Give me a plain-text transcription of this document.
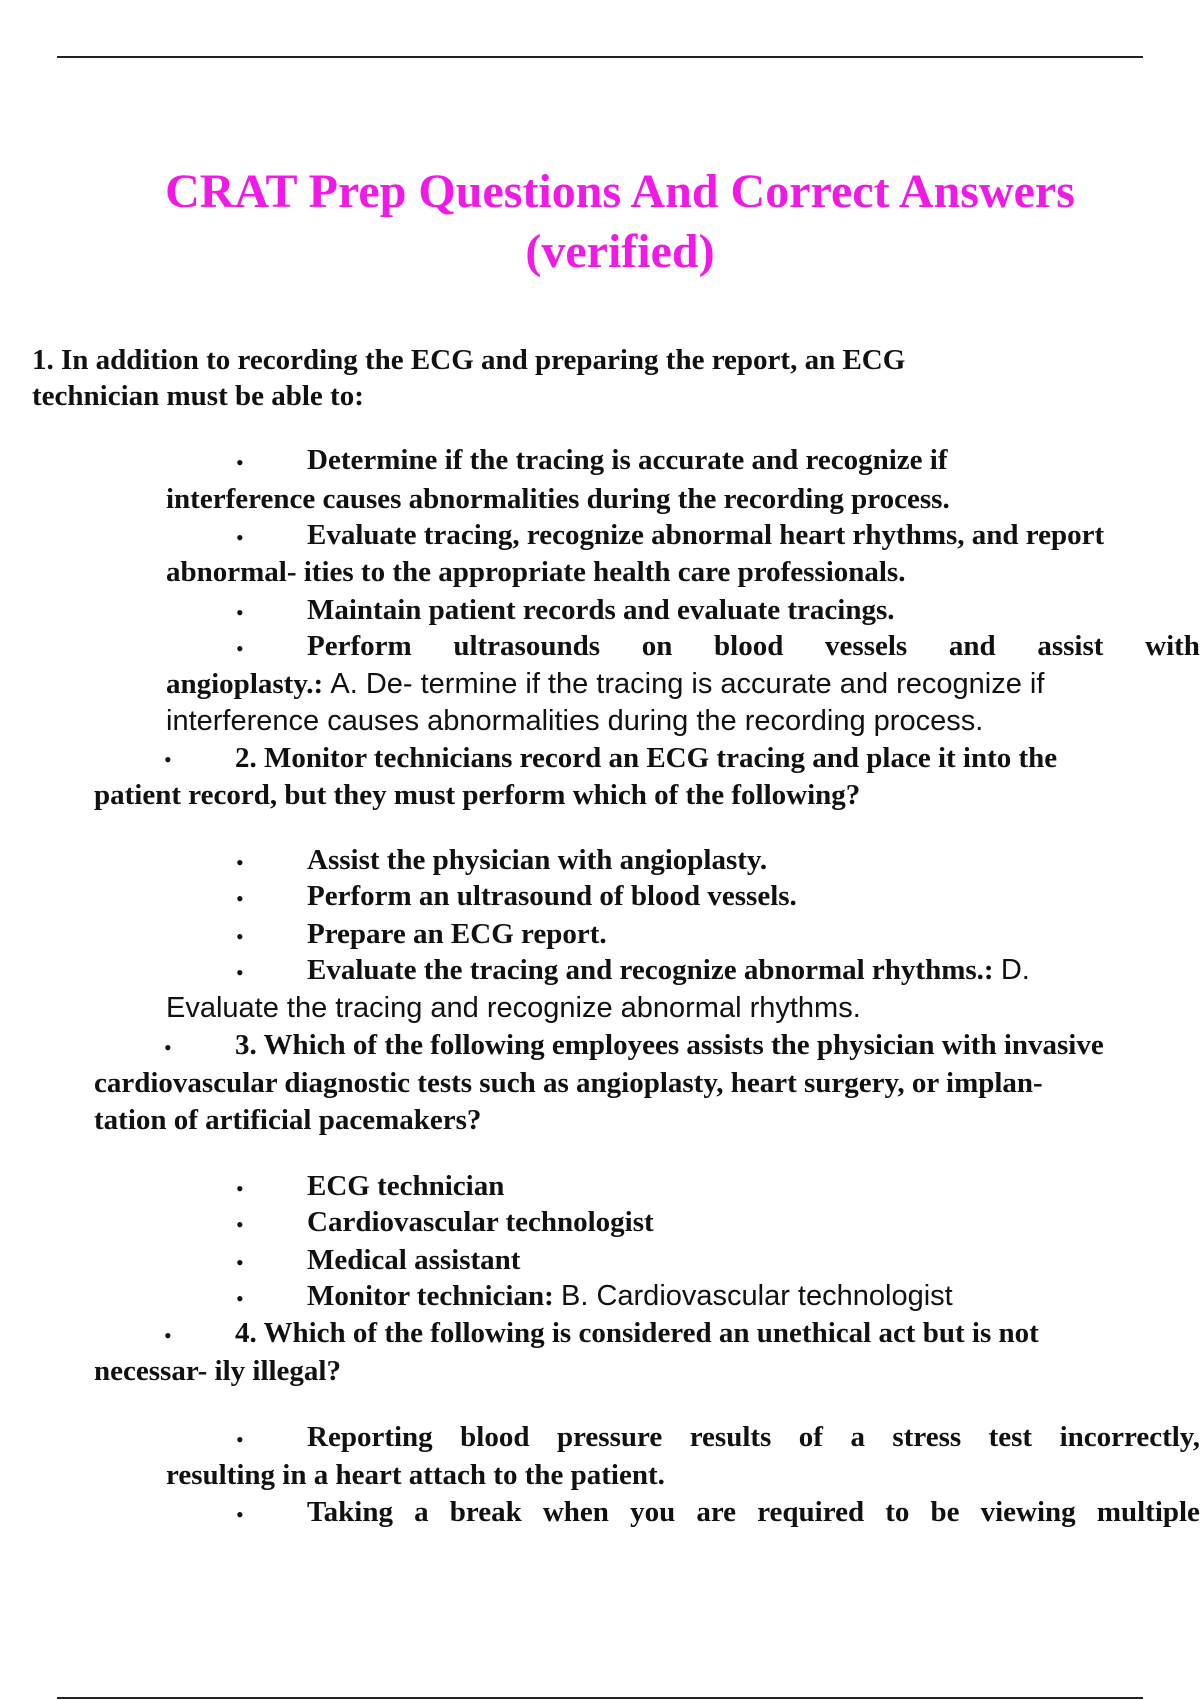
CRAT Prep Questions And Correct Answers
(verified)
1. In addition to recording the ECG and preparing the report, an ECG
technician must be able to:
• Determine if the tracing is accurate and recognize if
interference causes abnormalities during the recording process.
• Evaluate tracing, recognize abnormal heart rhythms, and report
abnormal- ities to the appropriate health care professionals.
• Maintain patient records and evaluate tracings.
• Perform ultrasounds on blood vessels and assist with
angioplasty.: A. De- termine if the tracing is accurate and recognize if
interference causes abnormalities during the recording process.
• 2. Monitor technicians record an ECG tracing and place it into the
patient record, but they must perform which of the following?
• Assist the physician with angioplasty.
• Perform an ultrasound of blood vessels.
• Prepare an ECG report.
• Evaluate the tracing and recognize abnormal rhythms.: D.
Evaluate the tracing and recognize abnormal rhythms.
• 3. Which of the following employees assists the physician with invasive
cardiovascular diagnostic tests such as angioplasty, heart surgery, or implan-
tation of artificial pacemakers?
• ECG technician
• Cardiovascular technologist
• Medical assistant
• Monitor technician: B. Cardiovascular technologist
• 4. Which of the following is considered an unethical act but is not
necessar- ily illegal?
• Reporting blood pressure results of a stress test incorrectly,
resulting in a heart attach to the patient.
• Taking a break when you are required to be viewing multiple
